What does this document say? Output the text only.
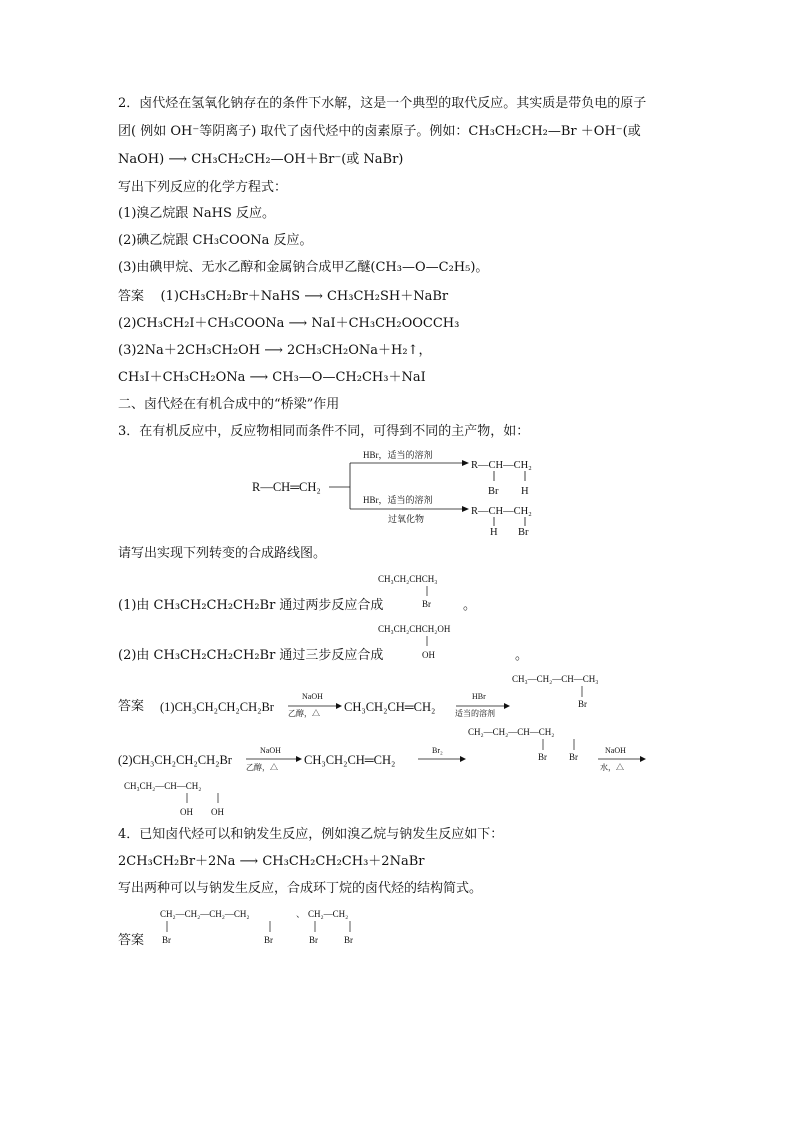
2．卤代烃在氢氧化钠存在的条件下水解，这是一个典型的取代反应。其实质是带负电的原子
团( 例如 OH⁻等阴离子) 取代了卤代烃中的卤素原子。例如：CH₃CH₂CH₂—Br ＋OH⁻(或
NaOH) ⟶ CH₃CH₂CH₂—OH＋Br⁻(或 NaBr)
写出下列反应的化学方程式：
(1)溴乙烷跟 NaHS 反应。
(2)碘乙烷跟 CH₃COONa 反应。
(3)由碘甲烷、无水乙醇和金属钠合成甲乙醚(CH₃—O—C₂H₅)。
答案 (1)CH₃CH₂Br＋NaHS ⟶ CH₃CH₂SH＋NaBr
(2)CH₃CH₂I＋CH₃COONa ⟶ NaI＋CH₃CH₂OOCCH₃
(3)2Na＋2CH₃CH₂OH ⟶ 2CH₃CH₂ONa＋H₂↑，
CH₃I＋CH₃CH₂ONa ⟶ CH₃—O—CH₂CH₃＋NaI
二、卤代烃在有机合成中的“桥梁”作用
3．在有机反应中，反应物相同而条件不同，可得到不同的主产物，如：
R—CH═CH₂
HBr，适当的溶剂
HBr，适当的溶剂
过氧化物
R—CH—CH₂
Br H
R—CH—CH₂
H Br
CH₃CH₂CHCH₃
Br
CH₃CH₂CHCH₂OH
OH
(1)CH₃CH₂CH₂CH₂Br
NaOH
乙醇，△ CH₃CH₂CH═CH₂
HBr
适当的溶剂
CH₃—CH₂—CH—CH₃
Br
(2)CH₃CH₂CH₂CH₂Br
NaOH
乙醇，△
CH₃CH₂CH═CH₂
Br₂
CH₂—CH₂—CH—CH₂
Br Br
NaOH
水，△
CH₃CH₂—CH—CH₂
OH OH
CH₂—CH₂—CH₂—CH₂
Br	Br
、 CH₂—CH₂
Br	Br
请写出实现下列转变的合成路线图。
(1)由 CH₃CH₂CH₂CH₂Br 通过两步反应合成	。
(2)由 CH₃CH₂CH₂CH₂Br 通过三步反应合成	。
答案
4．已知卤代烃可以和钠发生反应，例如溴乙烷与钠发生反应如下：
2CH₃CH₂Br＋2Na ⟶ CH₃CH₂CH₂CH₃＋2NaBr
写出两种可以与钠发生反应，合成环丁烷的卤代烃的结构简式。
答案
